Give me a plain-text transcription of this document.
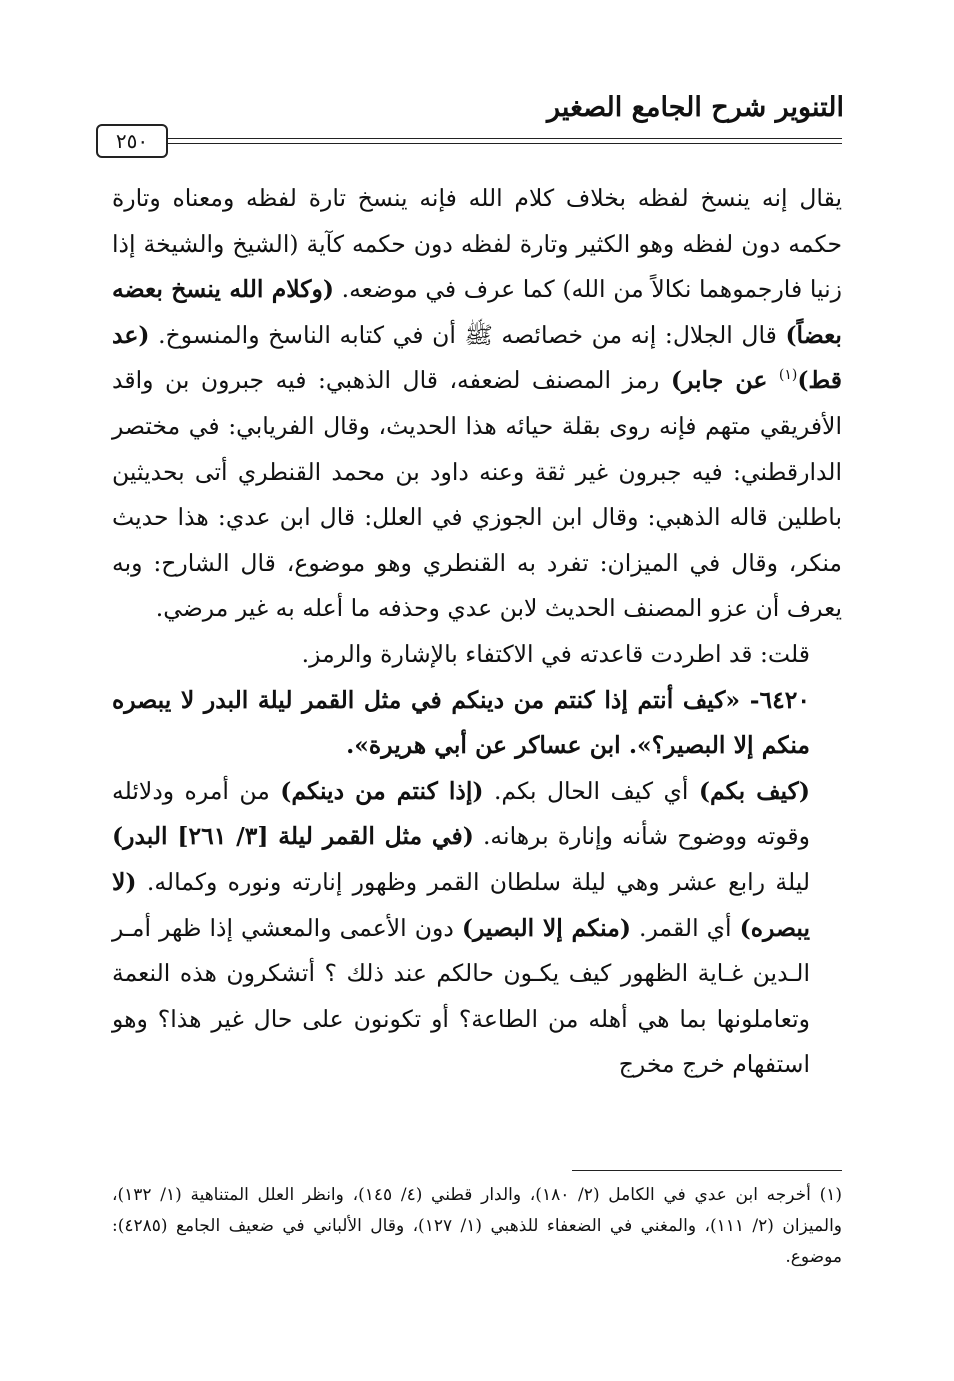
التنوير شرح الجامع الصغير
٢٥٠

يقال إنه ينسخ لفظه بخلاف كلام الله فإنه ينسخ تارة لفظه ومعناه وتارة حكمه دون لفظه وهو الكثير وتارة لفظه دون حكمه كآية (الشيخ والشيخة إذا زنيا فارجموهما نكالاً من الله) كما عرف في موضعه. (وكلام الله ينسخ بعضه بعضاً) قال الجلال: إنه من خصائصه ﷺ أن في كتابه الناسخ والمنسوخ. (عد قط)$^{(١)}$ عن جابر) رمز المصنف لضعفه، قال الذهبي: فيه جبرون بن واقد الأفريقي متهم فإنه روى بقلة حيائه هذا الحديث، وقال الفريابي: في مختصر الدارقطني: فيه جبرون غير ثقة وعنه داود بن محمد القنطري أتى بحديثين باطلين قاله الذهبي: وقال ابن الجوزي في العلل: قال ابن عدي: هذا حديث منكر، وقال في الميزان: تفرد به القنطري وهو موضوع، قال الشارح: وبه يعرف أن عزو المصنف الحديث لابن عدي وحذفه ما أعله به غير مرضي.

قلت: قد اطردت قاعدته في الاكتفاء بالإشارة والرمز.

٦٤٢٠- «كيف أنتم إذا كنتم من دينكم في مثل القمر ليلة البدر لا يبصره منكم إلا البصير؟». ابن عساكر عن أبي هريرة».

(كيف بكم) أي كيف الحال بكم. (إذا كنتم من دينكم) من أمره ودلائله وقوته ووضوح شأنه وإنارة برهانه. (في مثل القمر ليلة [٣/ ٢٦١] البدر) ليلة رابع عشر وهي ليلة سلطان القمر وظهور إنارته ونوره وكماله. (لا يبصره) أي القمر. (منكم إلا البصير) دون الأعمى والمعشي إذا ظهر أمـر الـدين غـاية الظهور كيف يكـون حالكم عند ذلك ؟ أتشكرون هذه النعمة وتعاملونها بما هي أهله من الطاعة؟ أو تكونون على حال غير هذا؟ وهو استفهام خرج مخرج

(١) أخرجه ابن عدي في الكامل (٢/ ١٨٠)، والدار قطني (٤/ ١٤٥)، وانظر العلل المتناهية (١/ ١٣٢)، والميزان (٢/ ١١١)، والمغني في الضعفاء للذهبي (١/ ١٢٧)، وقال الألباني في ضعيف الجامع (٤٢٨٥): موضوع.
